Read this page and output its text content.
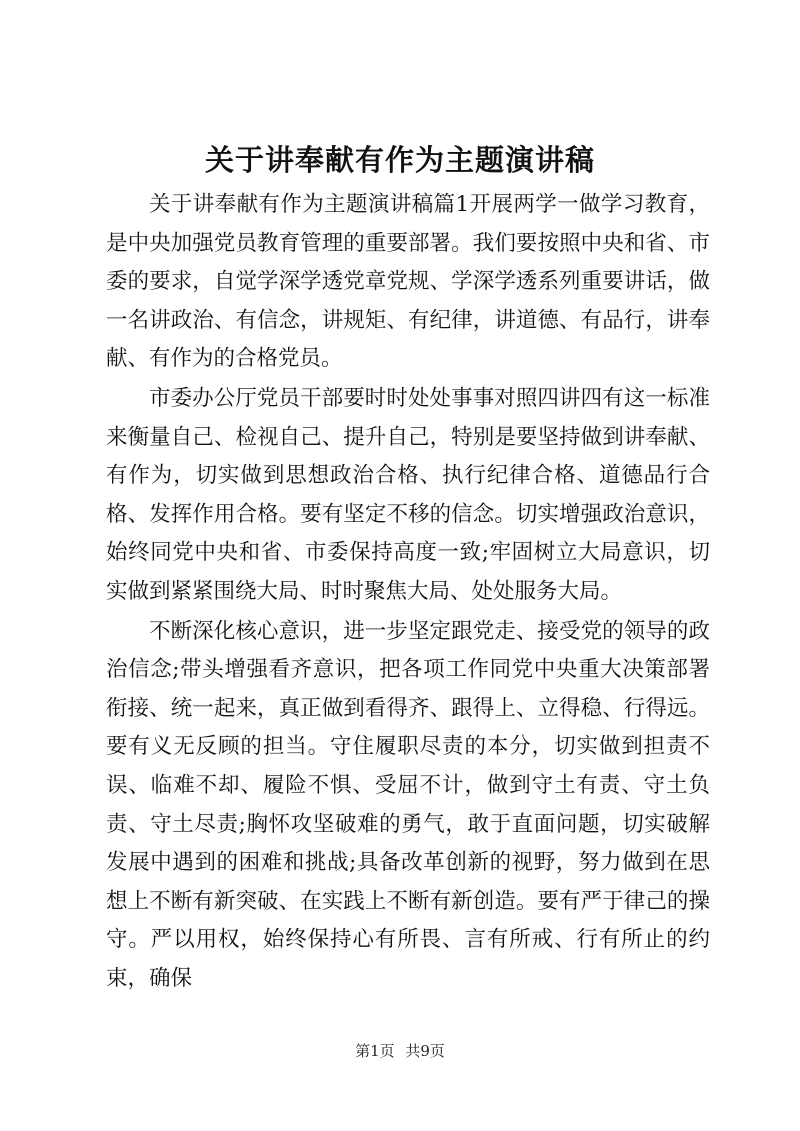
关于讲奉献有作为主题演讲稿

关于讲奉献有作为主题演讲稿篇1开展两学一做学习教育，是中央加强党员教育管理的重要部署。我们要按照中央和省、市委的要求，自觉学深学透党章党规、学深学透系列重要讲话，做一名讲政治、有信念，讲规矩、有纪律，讲道德、有品行，讲奉献、有作为的合格党员。

市委办公厅党员干部要时时处处事事对照四讲四有这一标准来衡量自己、检视自己、提升自己，特别是要坚持做到讲奉献、有作为，切实做到思想政治合格、执行纪律合格、道德品行合格、发挥作用合格。要有坚定不移的信念。切实增强政治意识，始终同党中央和省、市委保持高度一致;牢固树立大局意识，切实做到紧紧围绕大局、时时聚焦大局、处处服务大局。

不断深化核心意识，进一步坚定跟党走、接受党的领导的政治信念;带头增强看齐意识，把各项工作同党中央重大决策部署衔接、统一起来，真正做到看得齐、跟得上、立得稳、行得远。要有义无反顾的担当。守住履职尽责的本分，切实做到担责不误、临难不却、履险不惧、受屈不计，做到守土有责、守土负责、守土尽责;胸怀攻坚破难的勇气，敢于直面问题，切实破解发展中遇到的困难和挑战;具备改革创新的视野，努力做到在思想上不断有新突破、在实践上不断有新创造。要有严于律己的操守。严以用权，始终保持心有所畏、言有所戒、行有所止的约束，确保

第1页 共9页
